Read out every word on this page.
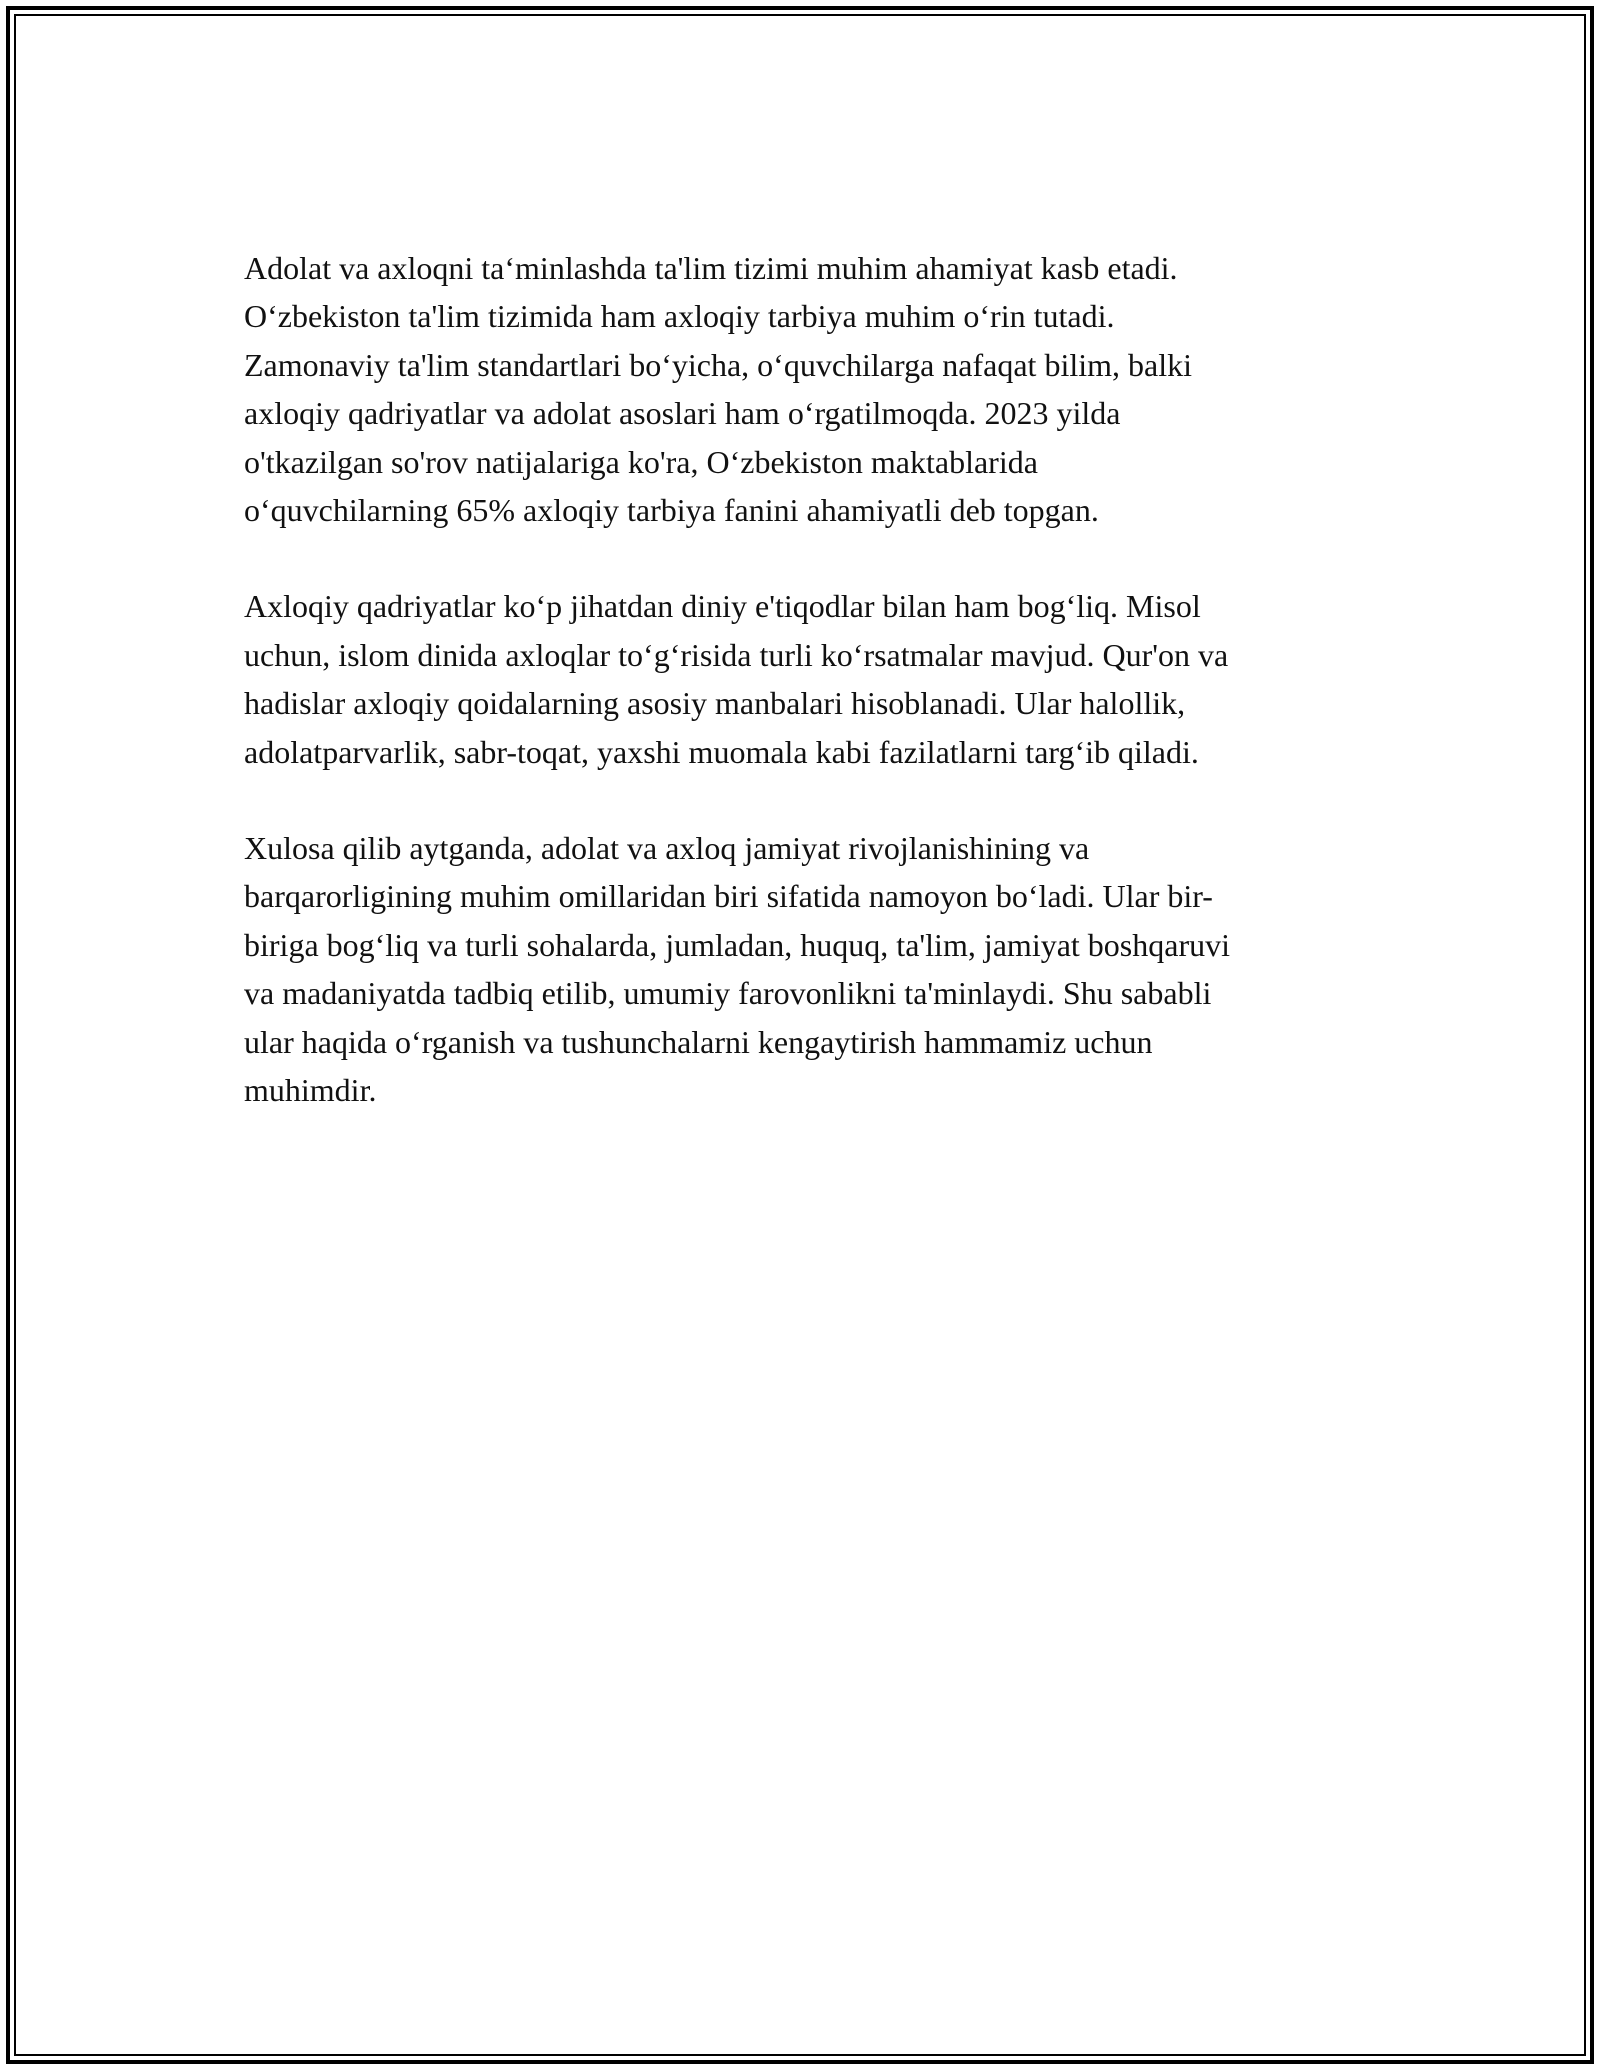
Adolat va axloqni ta‘minlashda ta'lim tizimi muhim ahamiyat kasb etadi.
O‘zbekiston ta'lim tizimida ham axloqiy tarbiya muhim o‘rin tutadi.
Zamonaviy ta'lim standartlari bo‘yicha, o‘quvchilarga nafaqat bilim, balki
axloqiy qadriyatlar va adolat asoslari ham o‘rgatilmoqda. 2023 yilda
o'tkazilgan so'rov natijalariga ko'ra, O‘zbekiston maktablarida
o‘quvchilarning 65% axloqiy tarbiya fanini ahamiyatli deb topgan.

Axloqiy qadriyatlar ko‘p jihatdan diniy e'tiqodlar bilan ham bog‘liq. Misol
uchun, islom dinida axloqlar to‘g‘risida turli ko‘rsatmalar mavjud. Qur'on va
hadislar axloqiy qoidalarning asosiy manbalari hisoblanadi. Ular halollik,
adolatparvarlik, sabr-toqat, yaxshi muomala kabi fazilatlarni targ‘ib qiladi.

Xulosa qilib aytganda, adolat va axloq jamiyat rivojlanishining va
barqarorligining muhim omillaridan biri sifatida namoyon bo‘ladi. Ular bir-
biriga bog‘liq va turli sohalarda, jumladan, huquq, ta'lim, jamiyat boshqaruvi
va madaniyatda tadbiq etilib, umumiy farovonlikni ta'minlaydi. Shu sababli
ular haqida o‘rganish va tushunchalarni kengaytirish hammamiz uchun
muhimdir.
